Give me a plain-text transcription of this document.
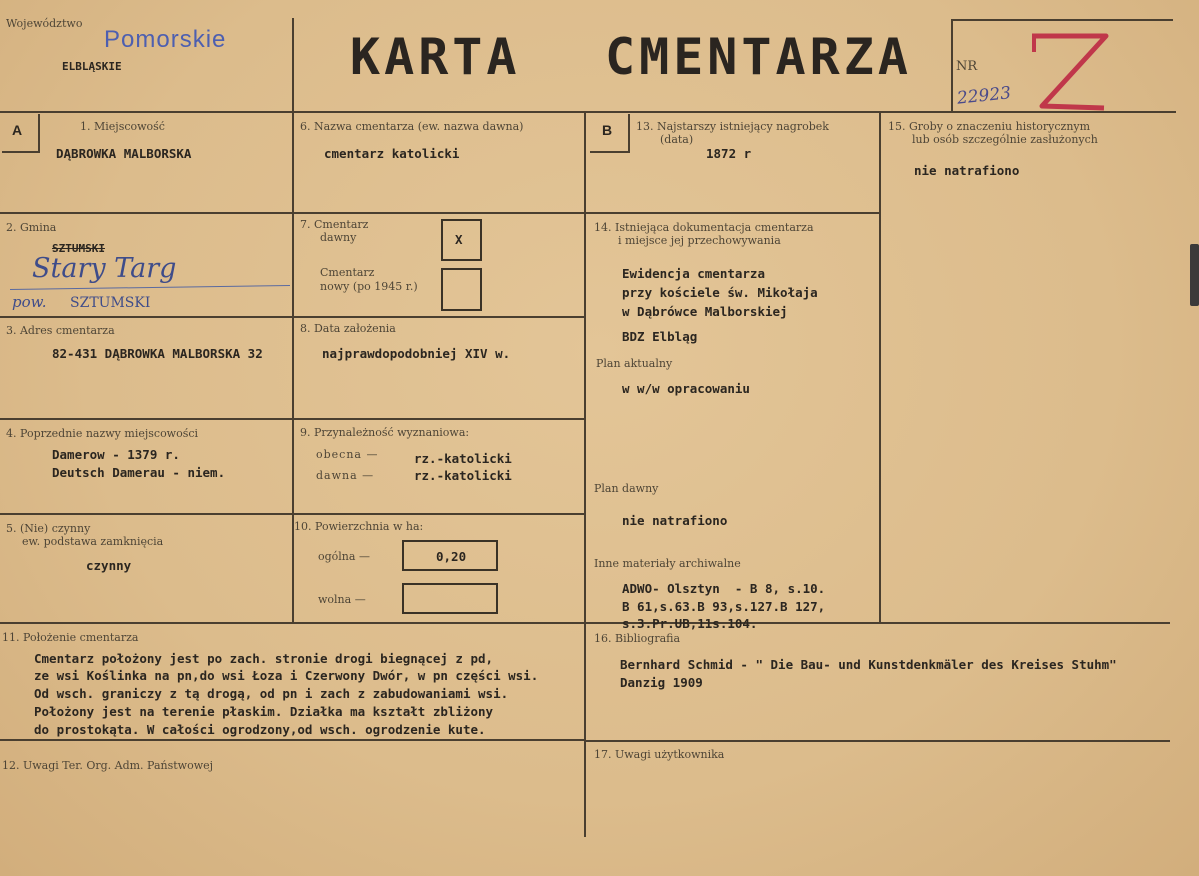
A	B
Województwo
Pomorskie
ELBLĄSKIE	KARTA CMENTARZA	NR
22923
1. Miejscowość
DĄBROWKA MALBORSKA
2. Gmina
SZTUMSKI
Stary Targ
pow. SZTUMSKI
3. Adres cmentarza
82-431 DĄBROWKA MALBORSKA 32
4. Poprzednie nazwy miejscowości
Damerow - 1379 r.
Deutsch Damerau - niem.
5. (Nie) czynny
ew. podstawa zamknięcia
czynny
6. Nazwa cmentarza (ew. nazwa dawna)
cmentarz katolicki
7. Cmentarz
dawny	X
Cmentarz
nowy (po 1945 r.)
8. Data założenia
najprawdopodobniej XIV w.
9. Przynależność wyznaniowa:
obecna —	rz.-katolicki
dawna —	rz.-katolicki
10. Powierzchnia w ha:
ogólna —	0,20
wolna —
13. Najstarszy istniejący nagrobek
(data)
1872 r
14. Istniejąca dokumentacja cmentarza
i miejsce jej przechowywania
Ewidencja cmentarza
przy kościele św. Mikołaja
w Dąbrówce Malborskiej
BDZ Elbląg
Plan aktualny
w w/w opracowaniu
Plan dawny
nie natrafiono
Inne materiały archiwalne
ADWO- Olsztyn  - B 8, s.10.
B 61,s.63.B 93,s.127.B 127,
s.3.Pr.UB,11s.104.
15. Groby o znaczeniu historycznym
lub osób szczególnie zasłużonych
nie natrafiono
11. Położenie cmentarza
Cmentarz położony jest po zach. stronie drogi biegnącej z pd,
ze wsi Koślinka na pn,do wsi Łoza i Czerwony Dwór, w pn części wsi.
Od wsch. graniczy z tą drogą, od pn i zach z zabudowaniami wsi.
Położony jest na terenie płaskim. Działka ma kształt zbliżony
do prostokąta. W całości ogrodzony,od wsch. ogrodzenie kute.
12. Uwagi Ter. Org. Adm. Państwowej
16. Bibliografia
Bernhard Schmid - " Die Bau- und Kunstdenkmäler des Kreises Stuhm"
Danzig 1909
17. Uwagi użytkownika
